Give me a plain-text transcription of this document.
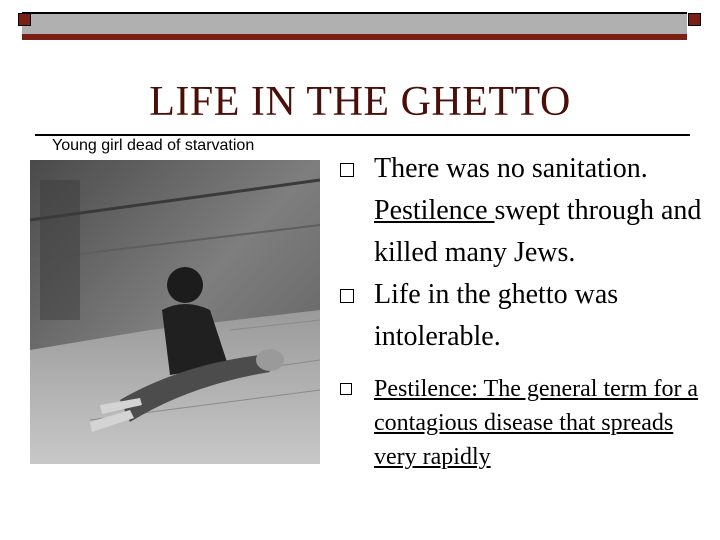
LIFE IN THE GHETTO
Young girl dead of starvation
There was no sanitation. Pestilence swept through and killed many Jews.
Life in the ghetto was intolerable.
Pestilence: The general term for a contagious disease that spreads very rapidly
